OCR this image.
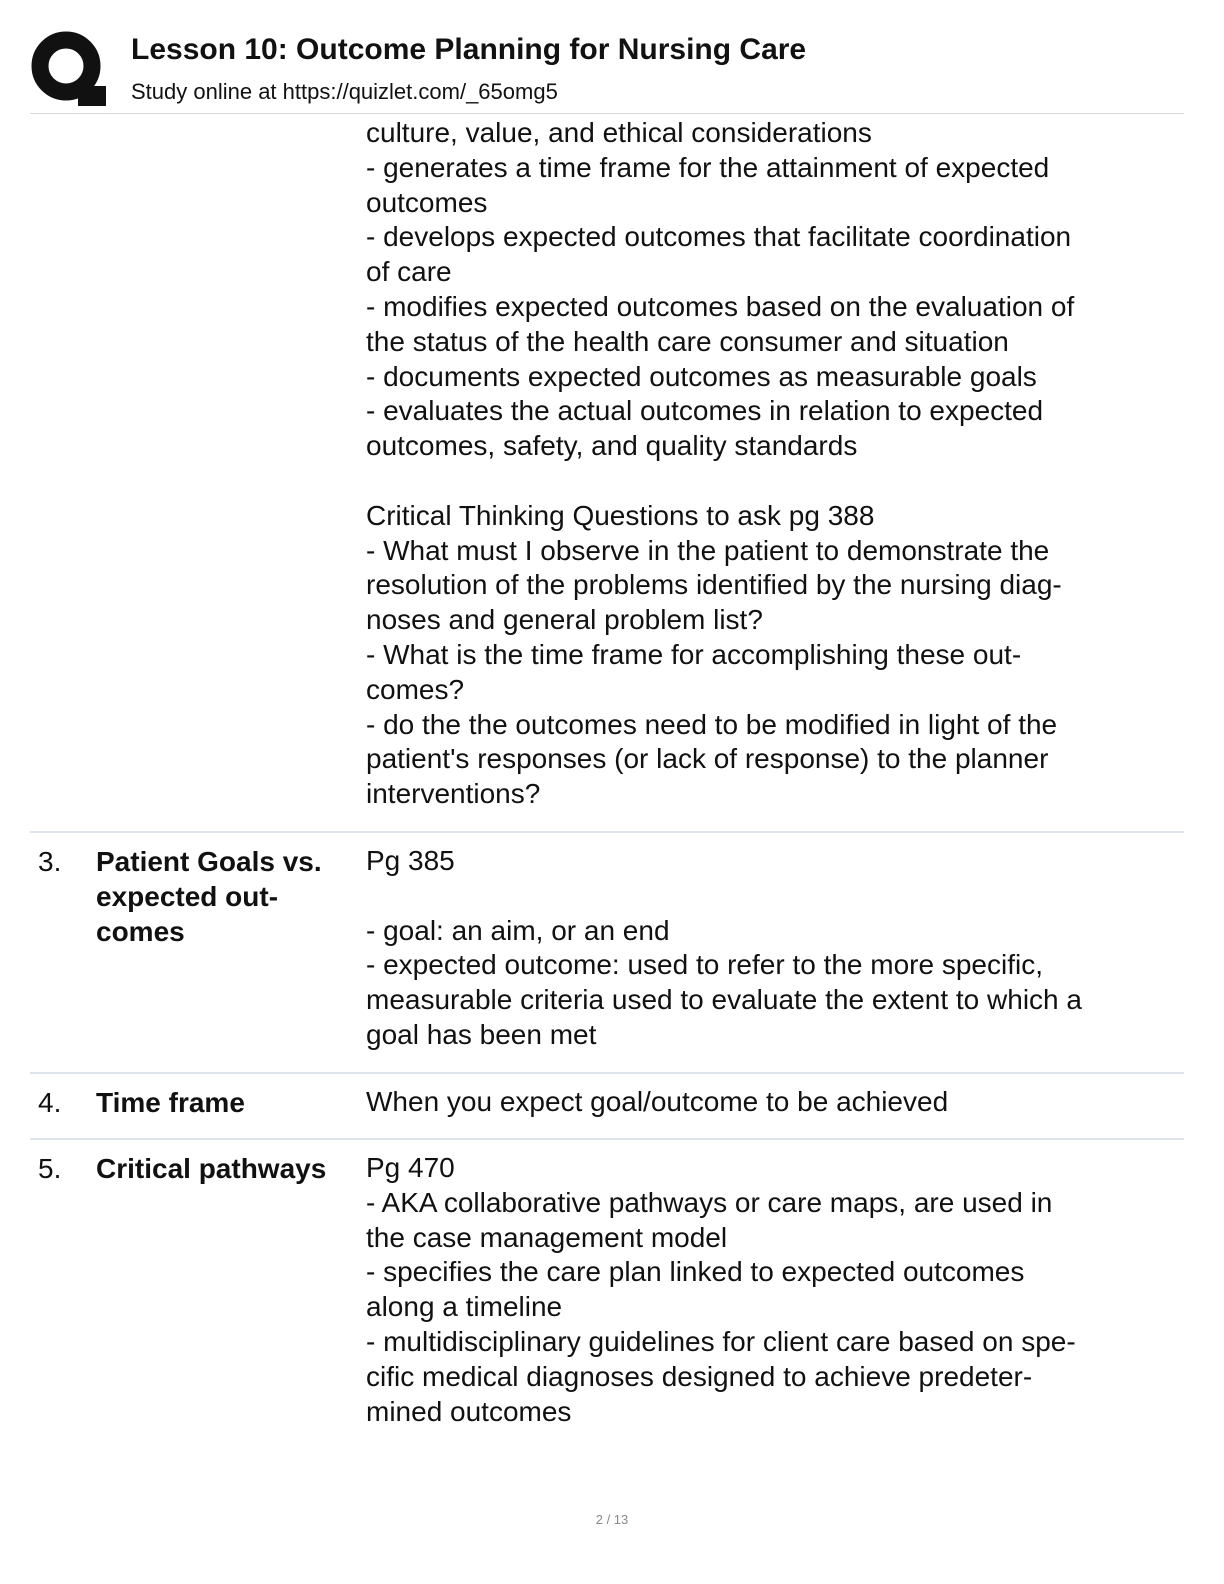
Lesson 10: Outcome Planning for Nursing Care
Study online at https://quizlet.com/_65omg5
culture, value, and ethical considerations
- generates a time frame for the attainment of expected
outcomes
- develops expected outcomes that facilitate coordination
of care
- modifies expected outcomes based on the evaluation of
the status of the health care consumer and situation
- documents expected outcomes as measurable goals
- evaluates the actual outcomes in relation to expected
outcomes, safety, and quality standards
Critical Thinking Questions to ask pg 388
- What must I observe in the patient to demonstrate the
resolution of the problems identified by the nursing diag-
noses and general problem list?
- What is the time frame for accomplishing these out-
comes?
- do the the outcomes need to be modified in light of the
patient's responses (or lack of response) to the planner
interventions?
3. Patient Goals vs.
expected out-
comes
Pg 385
- goal: an aim, or an end
- expected outcome: used to refer to the more specific,
measurable criteria used to evaluate the extent to which a
goal has been met
4. Time frame	When you expect goal/outcome to be achieved
5. Critical pathways Pg 470
- AKA collaborative pathways or care maps, are used in
the case management model
- specifies the care plan linked to expected outcomes
along a timeline
- multidisciplinary guidelines for client care based on spe-
cific medical diagnoses designed to achieve predeter-
mined outcomes
2 / 13
